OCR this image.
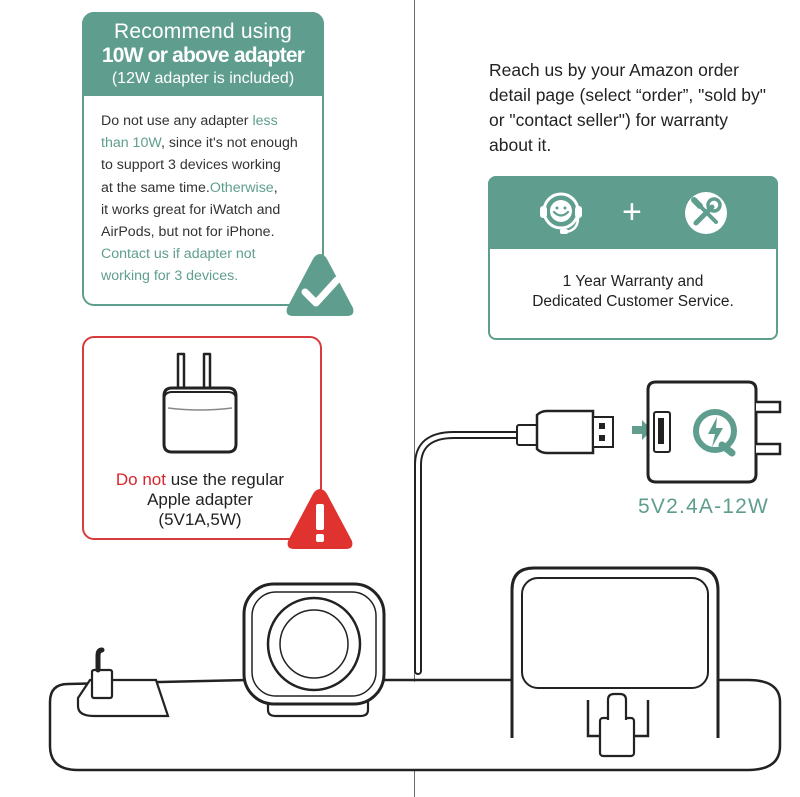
Recommend using
10W or above adapter
(12W adapter is included)
Do not use any adapter less
than 10W, since it's not enough
to support 3 devices working
at the same time.Otherwise,
it works great for iWatch and
AirPods, but not for iPhone.
Contact us if adapter not
working for 3 devices.
Do not use the regular
Apple adapter
(5V1A,5W)
Reach us by your Amazon order
detail page (select “order”, "sold by"
or "contact seller") for warranty
about it.
+
1 Year Warranty and
Dedicated Customer Service.
5V2.4A-12W
